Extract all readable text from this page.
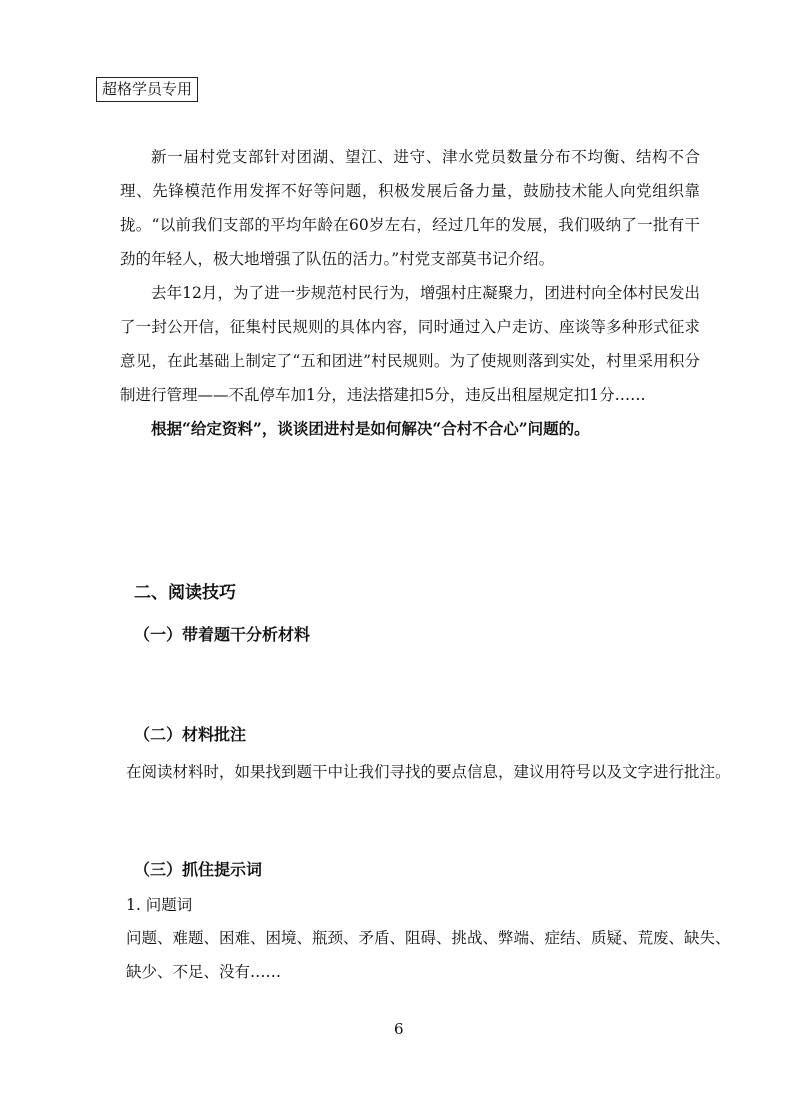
超格学员专用

新一届村党支部针对团湖、望江、进守、津水党员数量分布不均衡、结构不合理、先锋模范作用发挥不好等问题，积极发展后备力量，鼓励技术能人向党组织靠拢。“以前我们支部的平均年龄在60岁左右，经过几年的发展，我们吸纳了一批有干劲的年轻人，极大地增强了队伍的活力。”村党支部莫书记介绍。

去年12月，为了进一步规范村民行为，增强村庄凝聚力，团进村向全体村民发出了一封公开信，征集村民规则的具体内容，同时通过入户走访、座谈等多种形式征求意见，在此基础上制定了“五和团进”村民规则。为了使规则落到实处，村里采用积分制进行管理——不乱停车加1分，违法搭建扣5分，违反出租屋规定扣1分……

根据“给定资料”，谈谈团进村是如何解决“合村不合心”问题的。

二、阅读技巧
（一）带着题干分析材料
（二）材料批注
在阅读材料时，如果找到题干中让我们寻找的要点信息，建议用符号以及文字进行批注。
（三）抓住提示词
1. 问题词
问题、难题、困难、困境、瓶颈、矛盾、阻碍、挑战、弊端、症结、质疑、荒废、缺失、
缺少、不足、没有……
6
